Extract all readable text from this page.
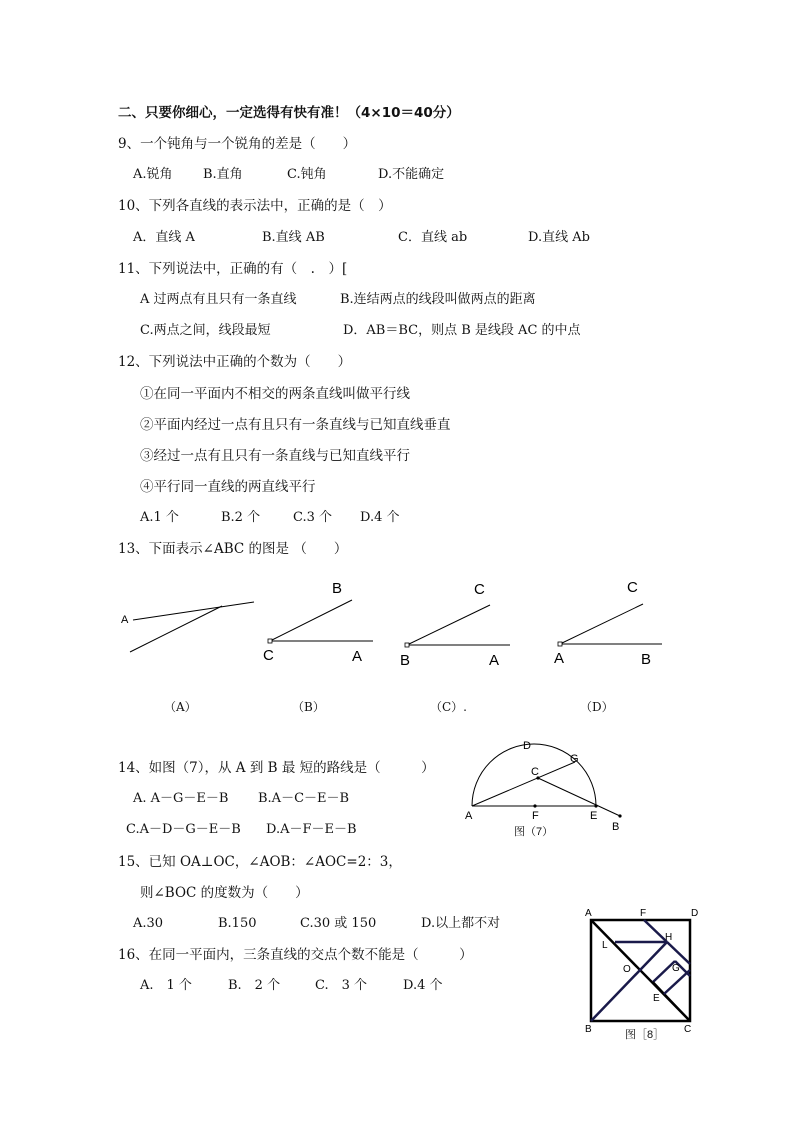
二、只要你细心，一定选得有快有准！（4×10＝40分）
9、一个钝角与一个锐角的差是（　　）
A.锐角 B.直角	C.钝角	D.不能确定
10、下列各直线的表示法中，正确的是（　）
A．直线 A	B.直线 AB	C．直线 ab	D.直线 Ab
11、下列说法中，正确的有（　.　）[
A 过两点有且只有一条直线	B.连结两点的线段叫做两点的距离
C.两点之间，线段最短	D．AB＝BC，则点 B 是线段 AC 的中点
12、下列说法中正确的个数为（　　）
①在同一平面内不相交的两条直线叫做平行线
②平面内经过一点有且只有一条直线与已知直线垂直
③经过一点有且只有一条直线与已知直线平行
④平行同一直线的两直线平行
A.1 个	B.2 个	C.3 个 D.4 个
13、下面表示∠ABC 的图是 （　　）
A
B
C	A
C
B	A
C
A	B
（A）	（B）	（C）.	（D）
14、如图（7），从 A 到 B 最 短的路线是（　　　）
A. A－G－E－B B.A－C－E－B
C.A－D－G－E－B D.A－F－E－B
A
B
C
D
E
F
G
图（7）
15、已知 OA⊥OC，∠AOB：∠AOC=2：3，
则∠BOC 的度数为（　　）
A.30	B.150	C.30 或 150	D.以上都不对
16、在同一平面内，三条直线的交点个数不能是（　　　）
A.　1 个	B.　2 个	C.　3 个	D.4 个
A
B	C
D
E
F
G
H
L
O
图［8］
